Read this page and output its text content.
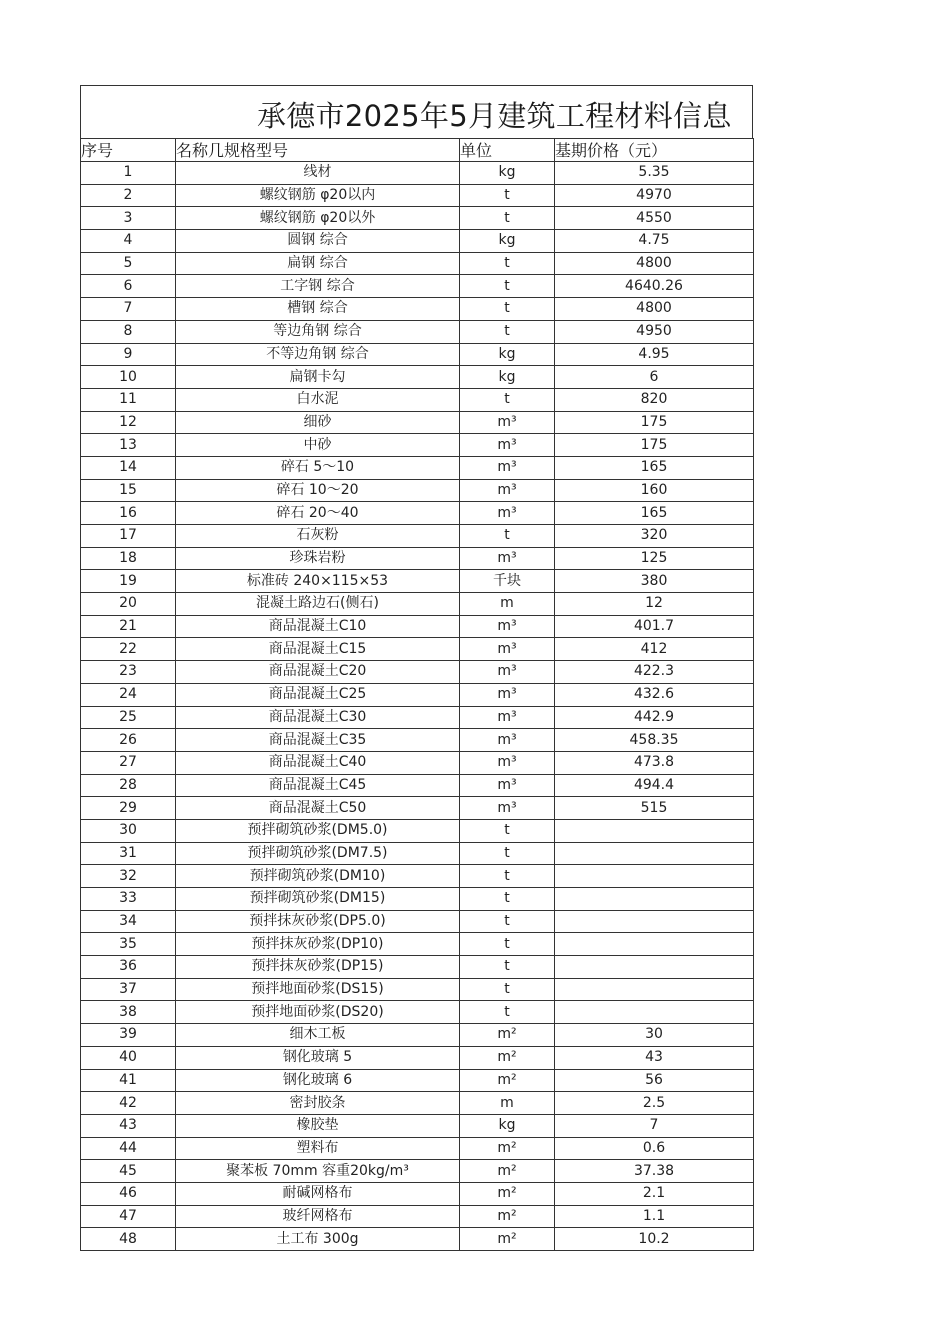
承德市2025年5月建筑工程材料信息
序号	名称几规格型号	单位	基期价格（元）
1	线材	kg	5.35
2	螺纹钢筋 φ20以内	t	4970
3	螺纹钢筋 φ20以外	t	4550
4	圆钢 综合	kg	4.75
5	扁钢 综合	t	4800
6	工字钢 综合	t	4640.26
7	槽钢 综合	t	4800
8	等边角钢 综合	t	4950
9	不等边角钢 综合	kg	4.95
10	扁钢卡勾	kg	6
11	白水泥	t	820
12	细砂	m³	175
13	中砂	m³	175
14	碎石 5～10	m³	165
15	碎石 10～20	m³	160
16	碎石 20～40	m³	165
17	石灰粉	t	320
18	珍珠岩粉	m³	125
19	标准砖 240×115×53	千块	380
20	混凝土路边石(侧石)	m	12
21	商品混凝土C10	m³	401.7
22	商品混凝土C15	m³	412
23	商品混凝土C20	m³	422.3
24	商品混凝土C25	m³	432.6
25	商品混凝土C30	m³	442.9
26	商品混凝土C35	m³	458.35
27	商品混凝土C40	m³	473.8
28	商品混凝土C45	m³	494.4
29	商品混凝土C50	m³	515
30	预拌砌筑砂浆(DM5.0)	t	
31	预拌砌筑砂浆(DM7.5)	t	
32	预拌砌筑砂浆(DM10)	t	
33	预拌砌筑砂浆(DM15)	t	
34	预拌抹灰砂浆(DP5.0)	t	
35	预拌抹灰砂浆(DP10)	t	
36	预拌抹灰砂浆(DP15)	t	
37	预拌地面砂浆(DS15)	t	
38	预拌地面砂浆(DS20)	t	
39	细木工板	m²	30
40	钢化玻璃 5	m²	43
41	钢化玻璃 6	m²	56
42	密封胶条	m	2.5
43	橡胶垫	kg	7
44	塑料布	m²	0.6
45	聚苯板 70mm 容重20kg/m³	m²	37.38
46	耐碱网格布	m²	2.1
47	玻纤网格布	m²	1.1
48	土工布 300g	m²	10.2
